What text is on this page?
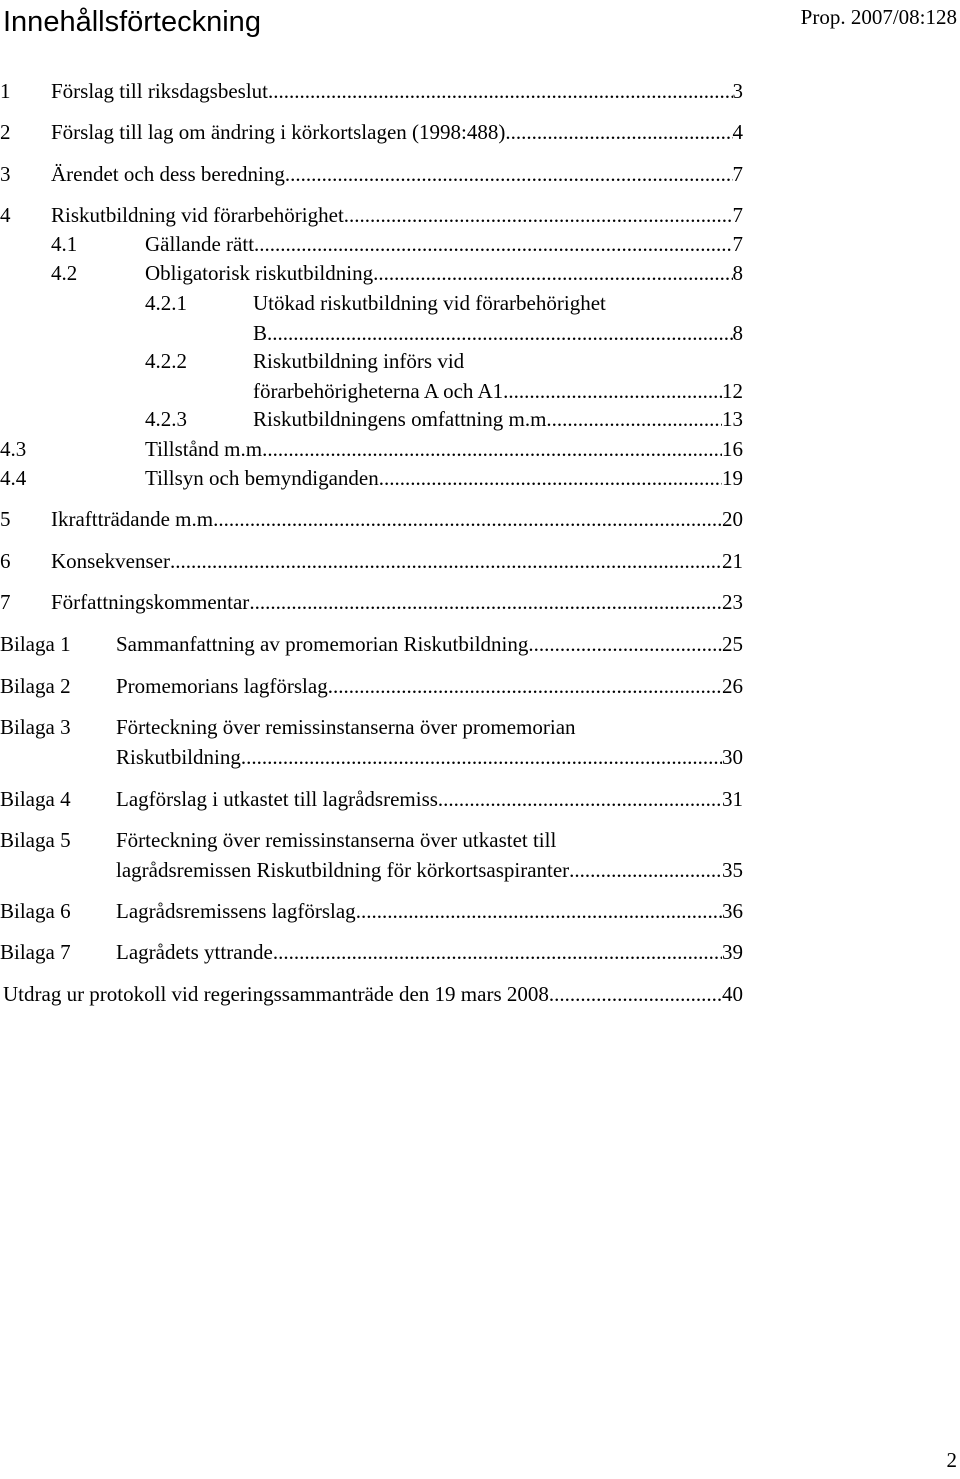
Innehållsförteckning	Prop. 2007/08:128
1 Förslag till riksdagsbeslut .....	3
2 Förslag till lag om ändring i körkortslagen (1998:488) .....	4
3 Ärendet och dess beredning .....	7
4 Riskutbildning vid förarbehörighet .....	7
4.1	Gällande rätt .....	7
4.2	Obligatorisk riskutbildning .....	8
4.2.1	Utökad riskutbildning vid förarbehörighet
B .....	8
4.2.2	Riskutbildning införs vid
förarbehörigheterna A och A1 .....	12
4.2.3	Riskutbildningens omfattning m.m. .....	13
4.3	Tillstånd m.m. .....	16
4.4	Tillsyn och bemyndiganden .....	19
5 Ikraftträdande m.m. .....	20
6 Konsekvenser .....	21
7 Författningskommentar .....	23
Bilaga 1 Sammanfattning av promemorian Riskutbildning .....	25
Bilaga 2 Promemorians lagförslag .....	26
Bilaga 3 Förteckning över remissinstanserna över promemorian
Riskutbildning .....	30
Bilaga 4 Lagförslag i utkastet till lagrådsremiss .....	31
Bilaga 5 Förteckning över remissinstanserna över utkastet till
lagrådsremissen Riskutbildning för körkortsaspiranter .....	35
Bilaga 6 Lagrådsremissens lagförslag .....	36
Bilaga 7 Lagrådets yttrande .....	39
Utdrag ur protokoll vid regeringssammanträde den 19 mars 2008. .....	40
2
